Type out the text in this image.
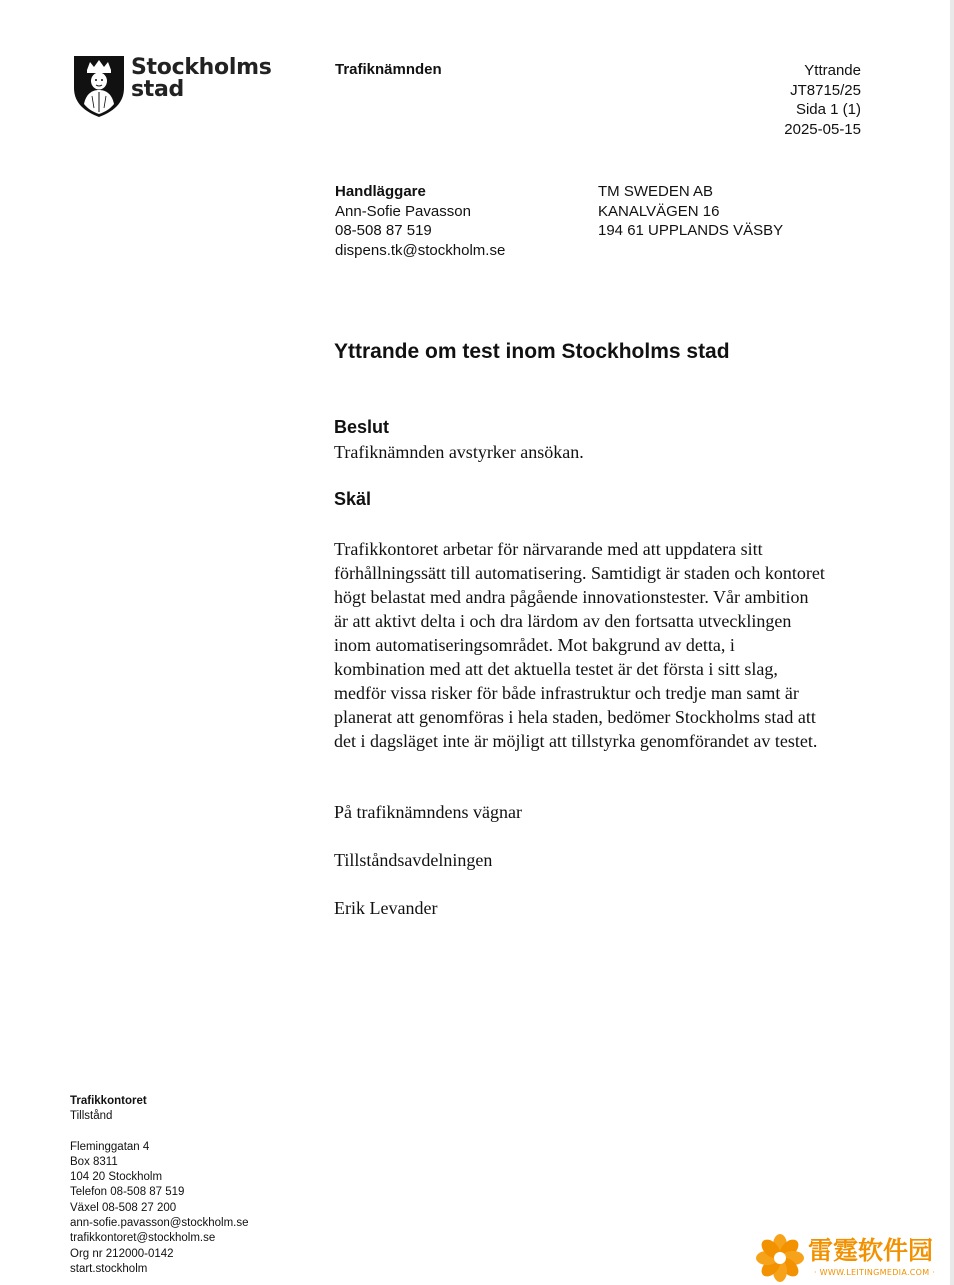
Stockholms
stad
Trafiknämnden	Yttrande
JT8715/25
Sida 1 (1)
2025-05-15
Handläggare
Ann-Sofie Pavasson
08-508 87 519
dispens.tk@stockholm.se
TM SWEDEN AB
KANALVÄGEN 16
194 61 UPPLANDS VÄSBY
Yttrande om test inom Stockholms stad
Beslut
Trafiknämnden avstyrker ansökan.
Skäl
Trafikkontoret arbetar för närvarande med att uppdatera sitt
förhållningssätt till automatisering. Samtidigt är staden och kontoret
högt belastat med andra pågående innovationstester. Vår ambition
är att aktivt delta i och dra lärdom av den fortsatta utvecklingen
inom automatiseringsområdet. Mot bakgrund av detta, i
kombination med att det aktuella testet är det första i sitt slag,
medför vissa risker för både infrastruktur och tredje man samt är
planerat att genomföras i hela staden, bedömer Stockholms stad att
det i dagsläget inte är möjligt att tillstyrka genomförandet av testet.
På trafiknämndens vägnar
Tillståndsavdelningen
Erik Levander
Trafikkontoret
Tillstånd
Fleminggatan 4
Box 8311
104 20 Stockholm
Telefon 08-508 87 519
Växel 08-508 27 200
ann-sofie.pavasson@stockholm.se
trafikkontoret@stockholm.se
Org nr 212000-0142
start.stockholm
雷霆软件园
· WWW.LEITINGMEDIA.COM ·
